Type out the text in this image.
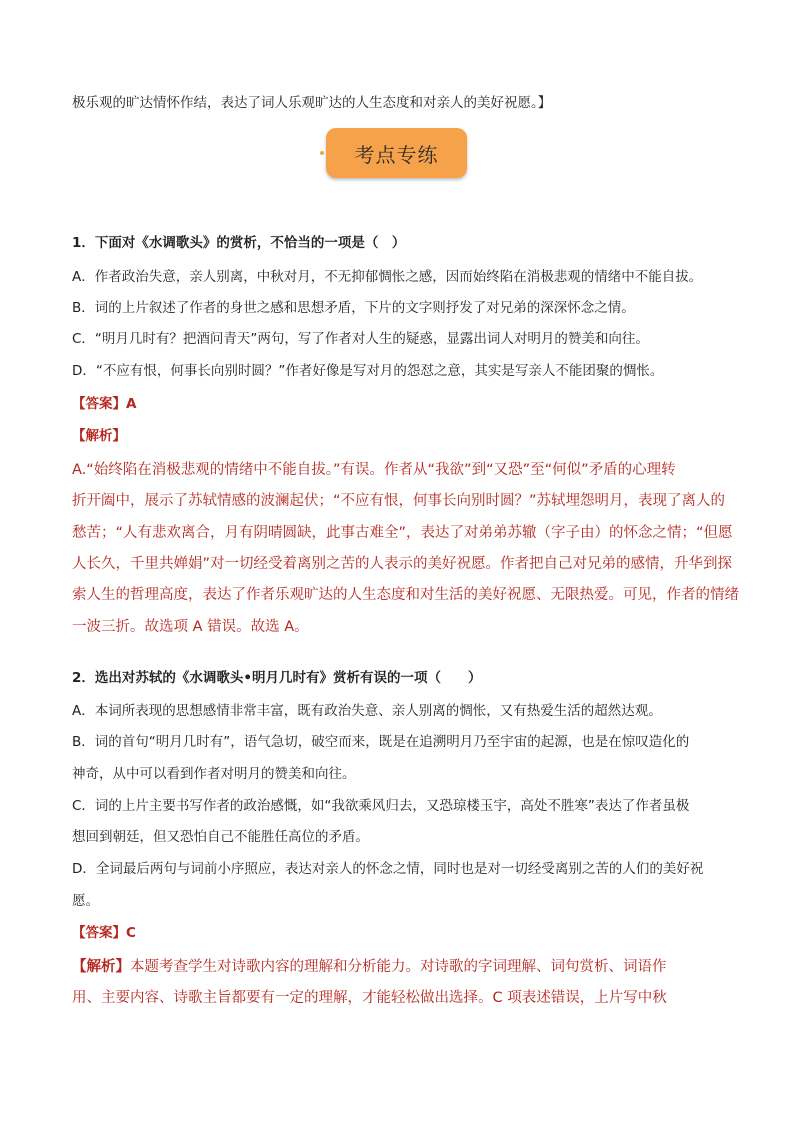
极乐观的旷达情怀作结，表达了词人乐观旷达的人生态度和对亲人的美好祝愿。】
考点专练
1．下面对《水调歌头》的赏析，不恰当的一项是（　）
A．作者政治失意，亲人别离，中秋对月，不无抑郁惆怅之感，因而始终陷在消极悲观的情绪中不能自拔。
B．词的上片叙述了作者的身世之感和思想矛盾，下片的文字则抒发了对兄弟的深深怀念之情。
C．“明月几时有？把酒问青天”两句，写了作者对人生的疑惑，显露出词人对明月的赞美和向往。
D．“不应有恨，何事长向别时圆？”作者好像是写对月的怨怼之意，其实是写亲人不能团聚的惆怅。
【答案】A
【解析】
A.“始终陷在消极悲观的情绪中不能自拔。”有误。作者从“我欲”到“又恐”至“何似”矛盾的心理转
折开阖中，展示了苏轼情感的波澜起伏；“不应有恨，何事长向别时圆？”苏轼埋怨明月，表现了离人的
愁苦；“人有悲欢离合，月有阴晴圆缺，此事古难全”，表达了对弟弟苏辙（字子由）的怀念之情；“但愿
人长久，千里共婵娟”对一切经受着离别之苦的人表示的美好祝愿。作者把自己对兄弟的感情，升华到探
索人生的哲理高度，表达了作者乐观旷达的人生态度和对生活的美好祝愿、无限热爱。可见，作者的情绪
一波三折。故选项 A 错误。故选 A。
2．选出对苏轼的《水调歌头•明月几时有》赏析有误的一项（　　）
A．本词所表现的思想感情非常丰富，既有政治失意、亲人别离的惆怅，又有热爱生活的超然达观。
B．词的首句“明月几时有”，语气急切，破空而来，既是在追溯明月乃至宇宙的起源，也是在惊叹造化的
神奇，从中可以看到作者对明月的赞美和向往。
C．词的上片主要书写作者的政治感慨，如“我欲乘风归去，又恐琼楼玉宇，高处不胜寒”表达了作者虽极
想回到朝廷，但又恐怕自己不能胜任高位的矛盾。
D．全词最后两句与词前小序照应，表达对亲人的怀念之情，同时也是对一切经受离别之苦的人们的美好祝
愿。
【答案】C
【解析】本题考查学生对诗歌内容的理解和分析能力。对诗歌的字词理解、词句赏析、词语作
用、主要内容、诗歌主旨都要有一定的理解，才能轻松做出选择。C 项表述错误，上片写中秋
